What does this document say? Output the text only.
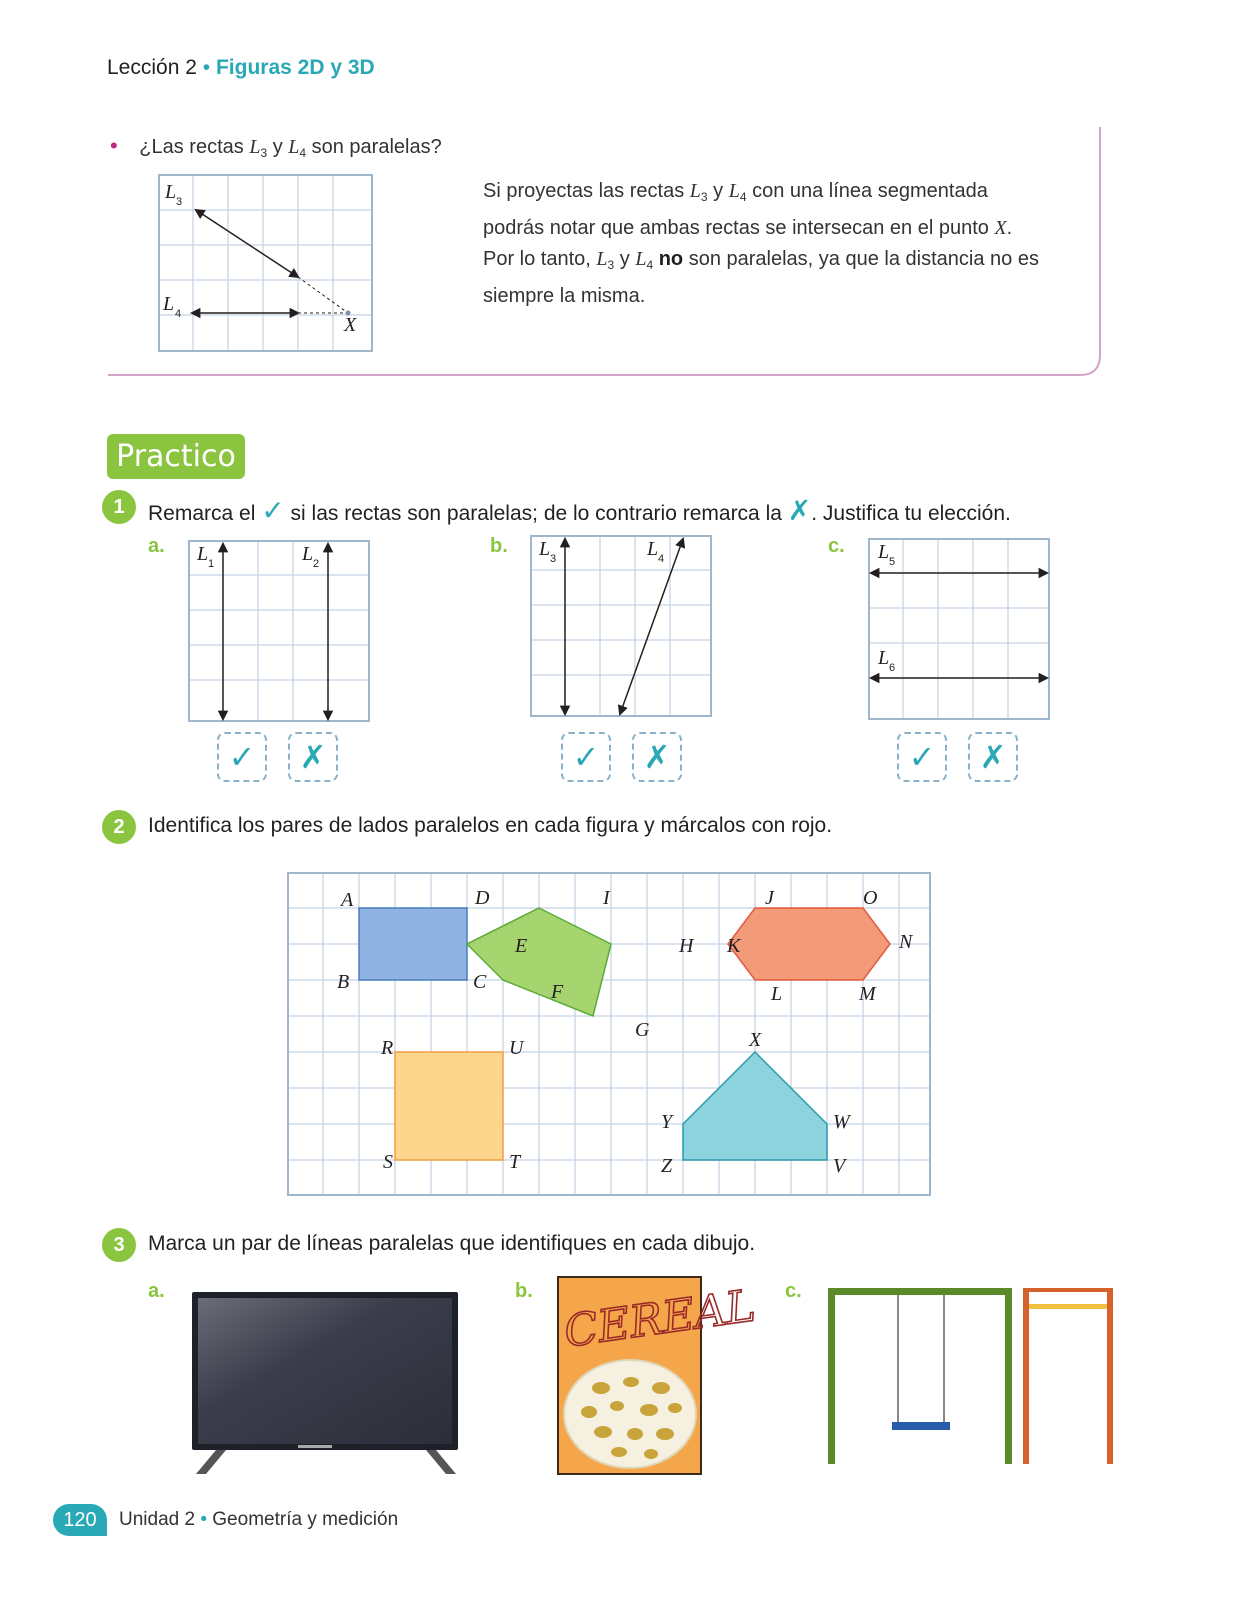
Lección 2 • Figuras 2D y 3D
• ¿Las rectas $L_3$ y $L_4$ son paralelas?
L 3
L 4	X
Si proyectas las rectas $L_3$ y $L_4$ con una línea segmentada podrás notar que ambas rectas se intersecan en el punto X. Por lo tanto, $L_3$ y $L_4$ no son paralelas, ya que la distancia no es siempre la misma.
Practico
1	Remarca el ✓ si las rectas son paralelas; de lo contrario remarca la ✗. Justifica tu elección.
a. L 1	L 2
✓	✗
b. L 3	L 4
✓	✗
c. L 5
L 6
✓	✗
2	Identifica los pares de lados paralelos en cada figura y márcalos con rojo.
A	D
B	C
I
E	H
F
G
J	O
K	N
L	M
R	U
S	T
X
Y	W
Z	V
3	Marca un par de líneas paralelas que identifiques en cada dibujo.
a.	b. CEREAL c.
120	Unidad 2 • Geometría y medición
